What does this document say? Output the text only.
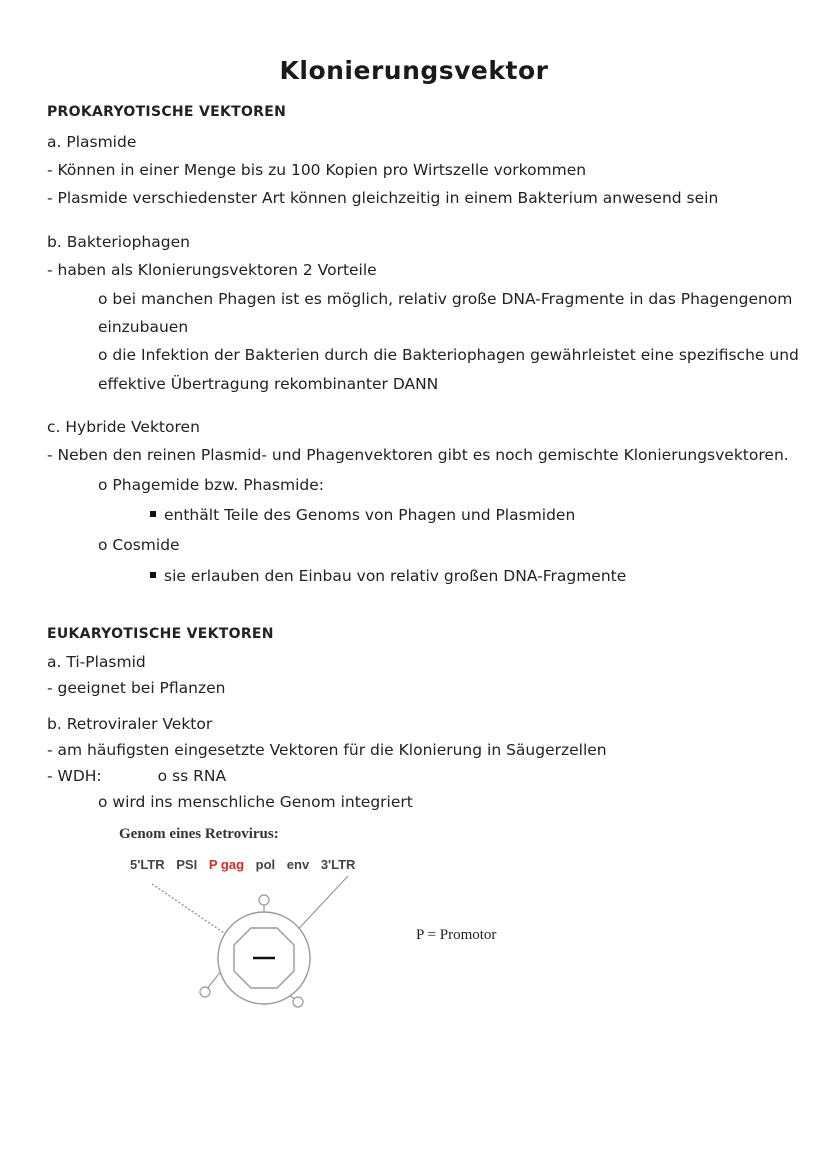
Klonierungsvektor
PROKARYOTISCHE VEKTOREN
a. Plasmide
- Können in einer Menge bis zu 100 Kopien pro Wirtszelle vorkommen
- Plasmide verschiedenster Art können gleichzeitig in einem Bakterium anwesend sein
b. Bakteriophagen
- haben als Klonierungsvektoren 2 Vorteile
o bei manchen Phagen ist es möglich, relativ große DNA-Fragmente in das Phagengenom
einzubauen
o die Infektion der Bakterien durch die Bakteriophagen gewährleistet eine spezifische und
effektive Übertragung rekombinanter DANN
c. Hybride Vektoren
- Neben den reinen Plasmid- und Phagenvektoren gibt es noch gemischte Klonierungsvektoren.
o Phagemide bzw. Phasmide:
enthält Teile des Genoms von Phagen und Plasmiden
o Cosmide
sie erlauben den Einbau von relativ großen DNA-Fragmente
EUKARYOTISCHE VEKTOREN
a. Ti-Plasmid
- geeignet bei Pflanzen
b. Retroviraler Vektor
- am häufigsten eingesetzte Vektoren für die Klonierung in Säugerzellen
- WDH:	o ss RNA
o wird ins menschliche Genom integriert
Genom eines Retrovirus:
5'LTR PSI P gag pol env 3'LTR
P = Promotor
